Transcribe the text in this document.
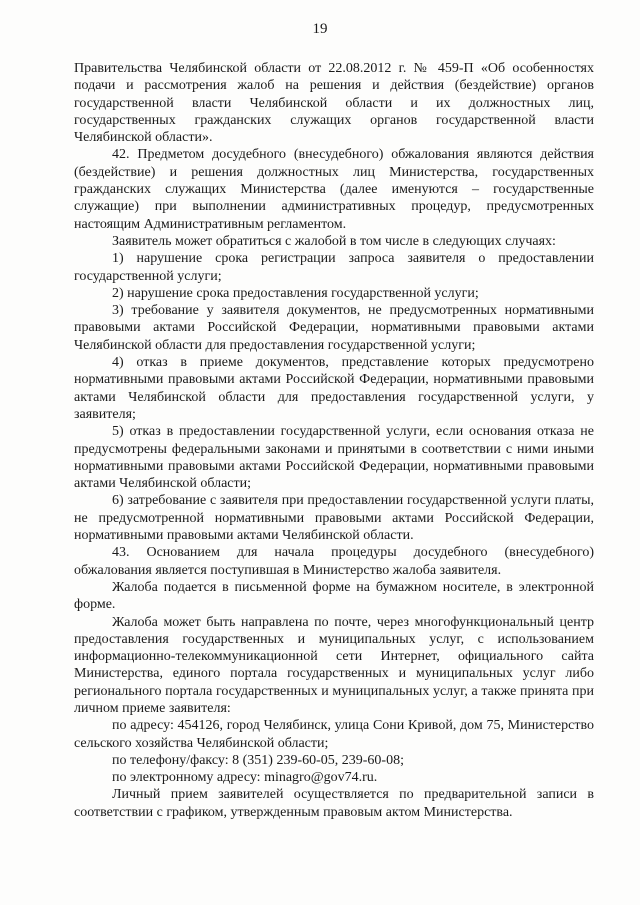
19

Правительства Челябинской области от 22.08.2012 г. № 459-П «Об особенностях подачи и рассмотрения жалоб на решения и действия (бездействие) органов государственной власти Челябинской области и их должностных лиц, государственных гражданских служащих органов государственной власти Челябинской области».

42. Предметом досудебного (внесудебного) обжалования являются действия (бездействие) и решения должностных лиц Министерства, государственных гражданских служащих Министерства (далее именуются – государственные служащие) при выполнении административных процедур, предусмотренных настоящим Административным регламентом.

Заявитель может обратиться с жалобой в том числе в следующих случаях:

1) нарушение срока регистрации запроса заявителя о предоставлении государственной услуги;

2) нарушение срока предоставления государственной услуги;

3) требование у заявителя документов, не предусмотренных нормативными правовыми актами Российской Федерации, нормативными правовыми актами Челябинской области для предоставления государственной услуги;

4) отказ в приеме документов, представление которых предусмотрено нормативными правовыми актами Российской Федерации, нормативными правовыми актами Челябинской области для предоставления государственной услуги, у заявителя;

5) отказ в предоставлении государственной услуги, если основания отказа не предусмотрены федеральными законами и принятыми в соответствии с ними иными нормативными правовыми актами Российской Федерации, нормативными правовыми актами Челябинской области;

6) затребование с заявителя при предоставлении государственной услуги платы, не предусмотренной нормативными правовыми актами Российской Федерации, нормативными правовыми актами Челябинской области.

43. Основанием для начала процедуры досудебного (внесудебного) обжалования является поступившая в Министерство жалоба заявителя.

Жалоба подается в письменной форме на бумажном носителе, в электронной форме.

Жалоба может быть направлена по почте, через многофункциональный центр предоставления государственных и муниципальных услуг, с использованием информационно-телекоммуникационной сети Интернет, официального сайта Министерства, единого портала государственных и муниципальных услуг либо регионального портала государственных и муниципальных услуг, а также принята при личном приеме заявителя:

по адресу: 454126, город Челябинск, улица Сони Кривой, дом 75, Министерство сельского хозяйства Челябинской области;

по телефону/факсу: 8 (351) 239-60-05, 239-60-08;

по электронному адресу: minagro@gov74.ru.

Личный прием заявителей осуществляется по предварительной записи в соответствии с графиком, утвержденным правовым актом Министерства.
